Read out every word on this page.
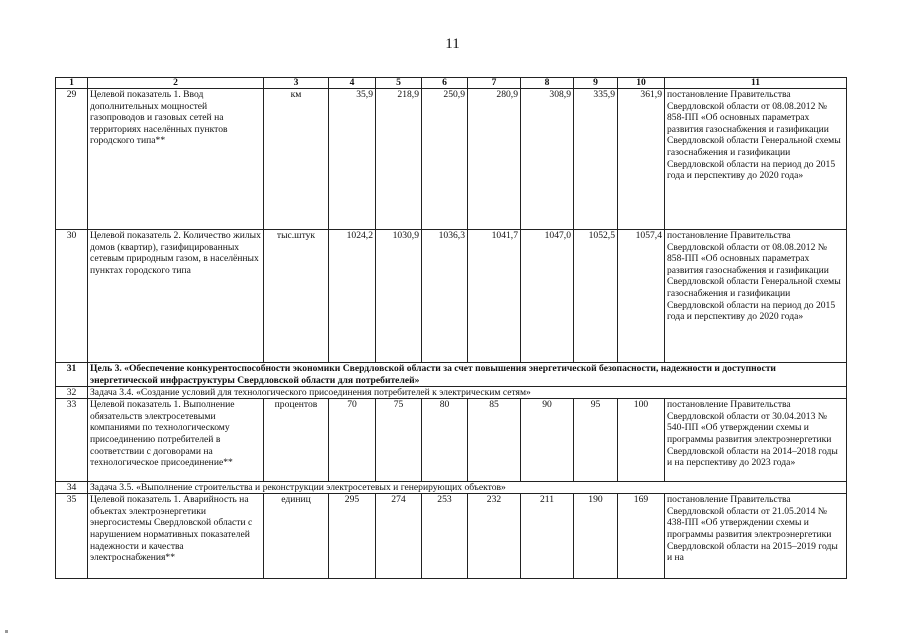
11
1	2	3	4	5	6	7	8	9	10	11
29	Целевой показатель 1. Ввод дополнительных мощностей газопроводов и газовых сетей на территориях населённых пунктов городского типа**	км	35,9	218,9	250,9	280,9	308,9	335,9	361,9	постановление Правительства Свердловской области от 08.08.2012 № 858-ПП «Об основных параметрах развития газоснабжения и газификации Свердловской области Генеральной схемы газоснабжения и газификации Свердловской области на период до 2015 года и перспективу до 2020 года»
30	Целевой показатель 2. Количество жилых домов (квартир), газифицированных сетевым природным газом, в населённых пунктах городского типа	тыс.штук	1024,2	1030,9	1036,3	1041,7	1047,0	1052,5	1057,4	постановление Правительства Свердловской области от 08.08.2012 № 858-ПП «Об основных параметрах развития газоснабжения и газификации Свердловской области Генеральной схемы газоснабжения и газификации Свердловской области на период до 2015 года и перспективу до 2020 года»
31	Цель 3. «Обеспечение конкурентоспособности экономики Свердловской области за счет повышения энергетической безопасности, надежности и доступности энергетической инфраструктуры Свердловской области для потребителей»									
32	Задача 3.4. «Создание условий для технологического присоединения потребителей к электрическим сетям»									
33	Целевой показатель 1. Выполнение обязательств электросетевыми компаниями по технологическому присоединению потребителей в соответствии с договорами на технологическое присоединение**	процентов	70	75	80	85	90	95	100	постановление Правительства Свердловской области от 30.04.2013 № 540-ПП «Об утверждении схемы и программы развития электроэнергетики Свердловской области на 2014–2018 годы и на перспективу до 2023 года»
34	Задача 3.5. «Выполнение строительства и реконструкции электросетевых и генерирующих объектов»									
35	Целевой показатель 1. Аварийность на объектах электроэнергетики энергосистемы Свердловской области с нарушением нормативных показателей надежности и качества электроснабжения**	единиц	295	274	253	232	211	190	169	постановление Правительства Свердловской области от 21.05.2014 № 438-ПП «Об утверждении схемы и программы развития электроэнергетики Свердловской области на 2015–2019 годы и на
